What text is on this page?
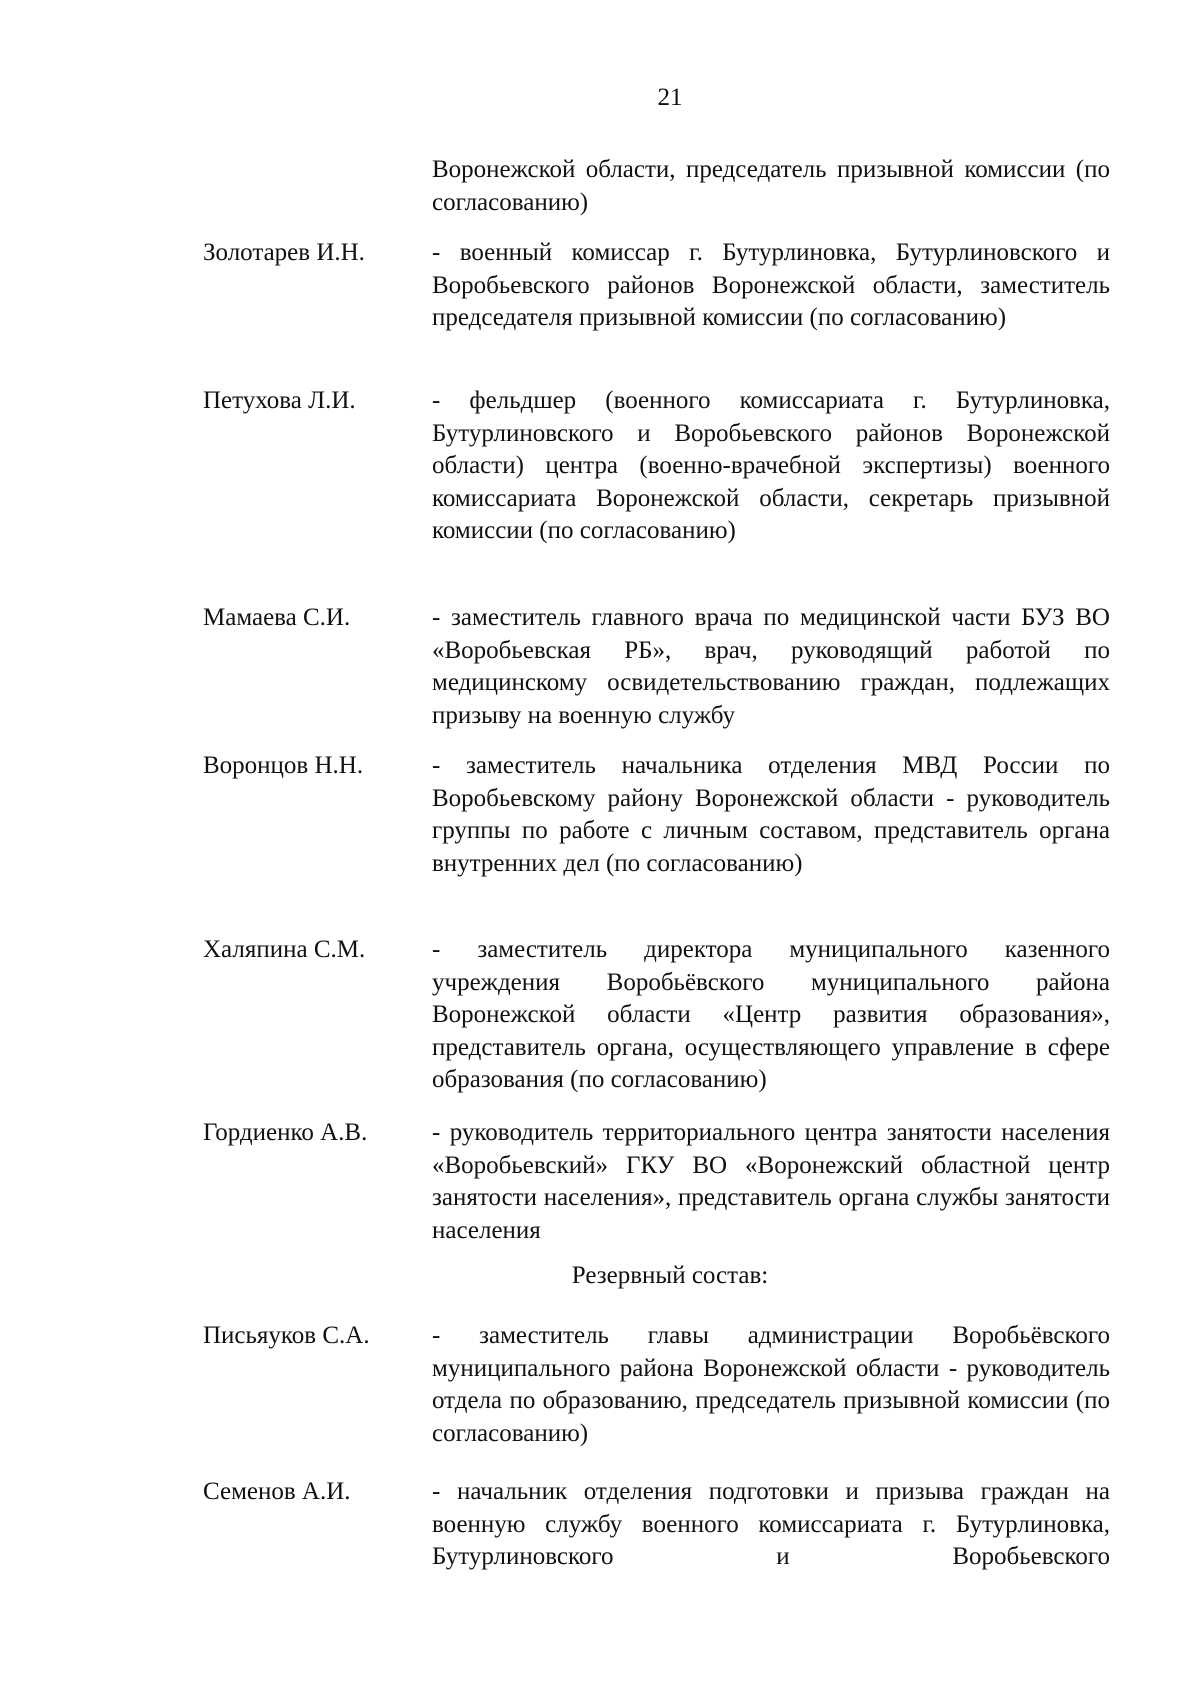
21
Воронежской области, председатель призывной комиссии (по согласованию)
Золотарев И.Н.	- военный комиссар г. Бутурлиновка, Бутурлиновского и Воробьевского районов Воронежской области, заместитель председателя призывной комиссии (по согласованию)
Петухова Л.И.	- фельдшер (военного комиссариата г. Бутурлиновка, Бутурлиновского и Воробьевского районов Воронежской области) центра (военно-врачебной экспертизы) военного комиссариата Воронежской области, секретарь призывной комиссии (по согласованию)
Мамаева С.И.	- заместитель главного врача по медицинской части БУЗ ВО «Воробьевская РБ», врач, руководящий работой по медицинскому освидетельствованию граждан, подлежащих призыву на военную службу
Воронцов Н.Н.	- заместитель начальника отделения МВД России по Воробьевскому району Воронежской области - руководитель группы по работе с личным составом, представитель органа внутренних дел (по согласованию)
Халяпина С.М.	- заместитель директора муниципального казенного учреждения Воробьёвского муниципального района Воронежской области «Центр развития образования», представитель органа, осуществляющего управление в сфере образования (по согласованию)
Гордиенко А.В.	- руководитель территориального центра занятости населения «Воробьевский» ГКУ ВО «Воронежский областной центр занятости населения», представитель органа службы занятости населения
Резервный состав:
Письяуков С.А. - заместитель главы администрации Воробьёвского муниципального района Воронежской области - руководитель отдела по образованию, председатель призывной комиссии (по согласованию)
Семенов А.И.	- начальник отделения подготовки и призыва граждан на военную службу военного комиссариата г. Бутурлиновка, Бутурлиновского и Воробьевского
